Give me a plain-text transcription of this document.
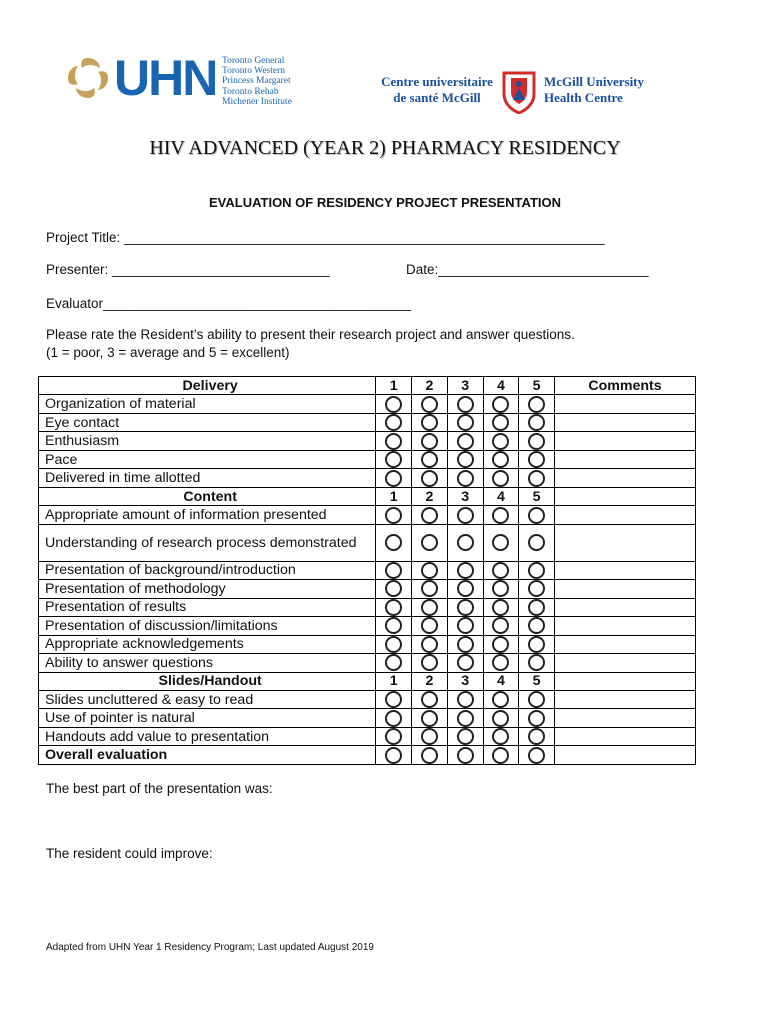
UHN Toronto General
Toronto Western
Princess Margaret
Toronto Rehab
Michener Institute
Centre universitaire
de santé McGill
McGill University
Health Centre
HIV ADVANCED (YEAR 2) PHARMACY RESIDENCY
EVALUATION OF RESIDENCY PROJECT PRESENTATION
Project Title: ________________________________________________________________
Presenter: _____________________________	Date:____________________________
Evaluator_________________________________________
Please rate the Resident’s ability to present their research project and answer questions.
(1 = poor, 3 = average and 5 = excellent)
Delivery	1	2	3	4	5	Comments
Organization of material						
Eye contact						
Enthusiasm						
Pace						
Delivered in time allotted						
Content	1	2	3	4	5	
Appropriate amount of information presented						
Understanding of research process demonstrated						
Presentation of background/introduction						
Presentation of methodology						
Presentation of results						
Presentation of discussion/limitations						
Appropriate acknowledgements						
Ability to answer questions						
Slides/Handout	1	2	3	4	5	
Slides uncluttered & easy to read						
Use of pointer is natural						
Handouts add value to presentation						
Overall evaluation						
The best part of the presentation was:
The resident could improve:
Adapted from UHN Year 1 Residency Program; Last updated August 2019
